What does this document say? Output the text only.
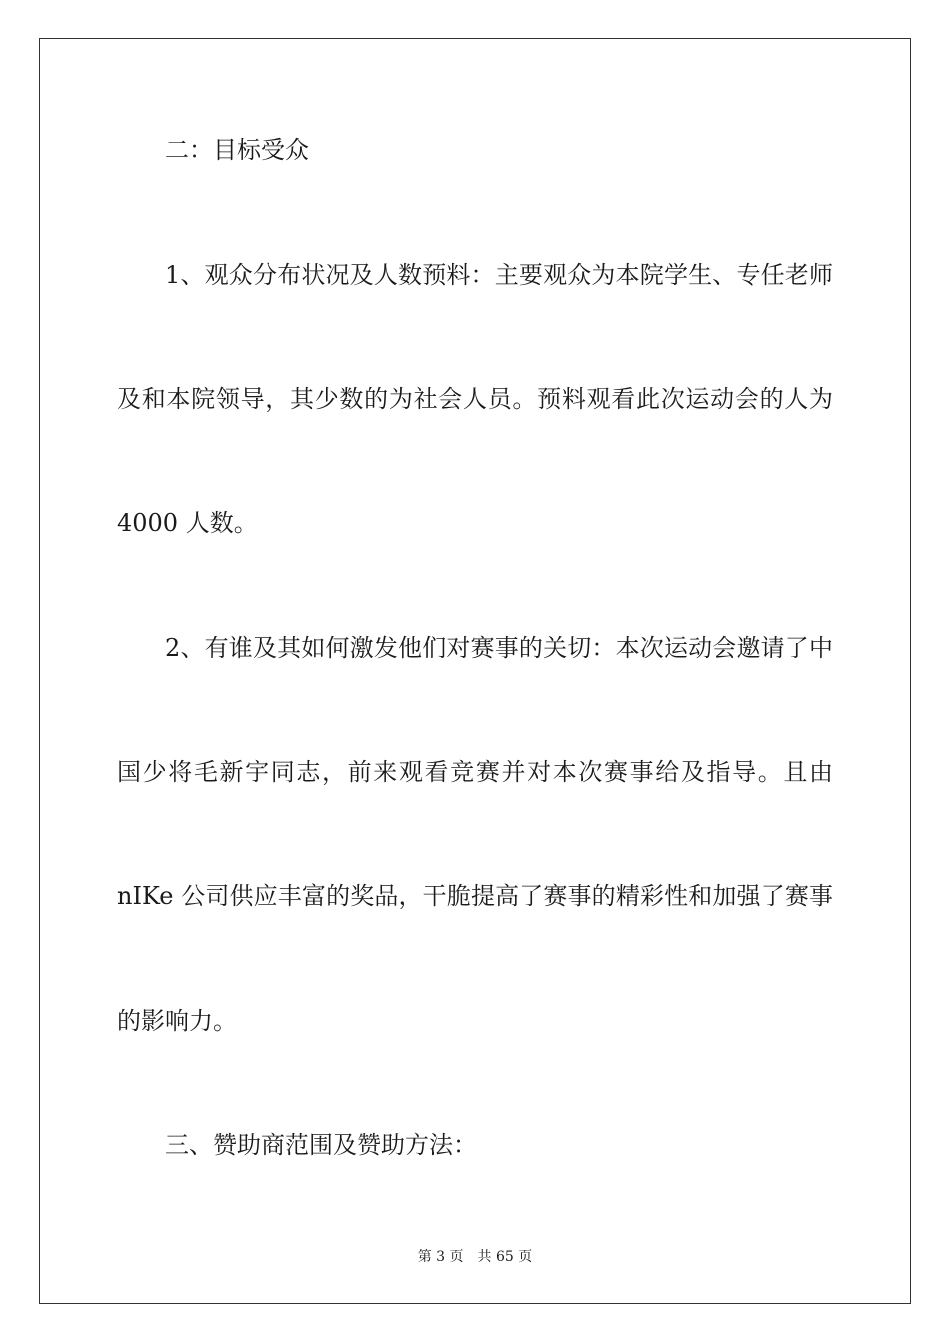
二：目标受众
1、观众分布状况及人数预料：主要观众为本院学生、专任老师
及和本院领导，其少数的为社会人员。预料观看此次运动会的人为
4000 人数。
2、有谁及其如何激发他们对赛事的关切：本次运动会邀请了中
国少将毛新宇同志，前来观看竞赛并对本次赛事给及指导。且由
nIKe 公司供应丰富的奖品，干脆提高了赛事的精彩性和加强了赛事
的影响力。
三、赞助商范围及赞助方法：
第 3 页 共 65 页
